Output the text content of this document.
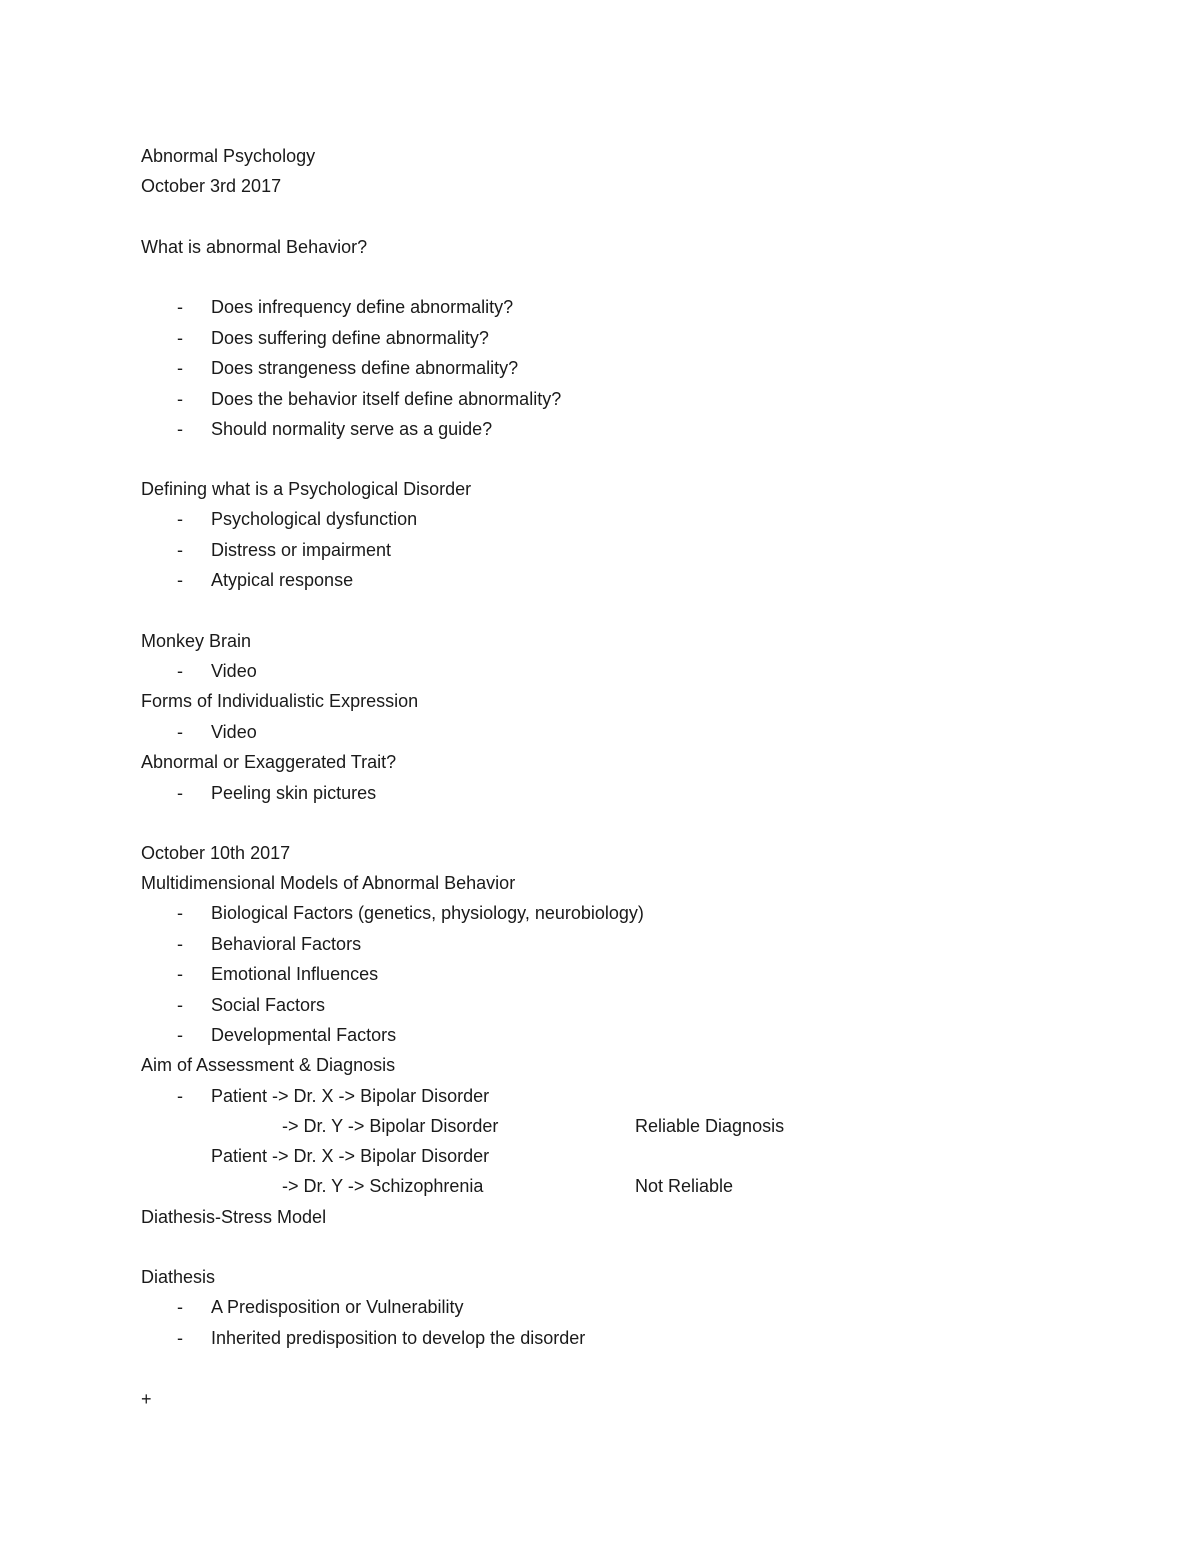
Abnormal Psychology
October 3rd 2017
What is abnormal Behavior?
- Does infrequency define abnormality?
- Does suffering define abnormality?
- Does strangeness define abnormality?
- Does the behavior itself define abnormality?
- Should normality serve as a guide?
Defining what is a Psychological Disorder
- Psychological dysfunction
- Distress or impairment
- Atypical response
Monkey Brain
- Video
Forms of Individualistic Expression
- Video
Abnormal or Exaggerated Trait?
- Peeling skin pictures
October 10th 2017
Multidimensional Models of Abnormal Behavior
- Biological Factors (genetics, physiology, neurobiology)
- Behavioral Factors
- Emotional Influences
- Social Factors
- Developmental Factors
Aim of Assessment & Diagnosis
- Patient -> Dr. X -> Bipolar Disorder
-> Dr. Y -> Bipolar Disorder	Reliable Diagnosis
Patient -> Dr. X -> Bipolar Disorder
-> Dr. Y -> Schizophrenia	Not Reliable
Diathesis-Stress Model
Diathesis
- A Predisposition or Vulnerability
- Inherited predisposition to develop the disorder
+
